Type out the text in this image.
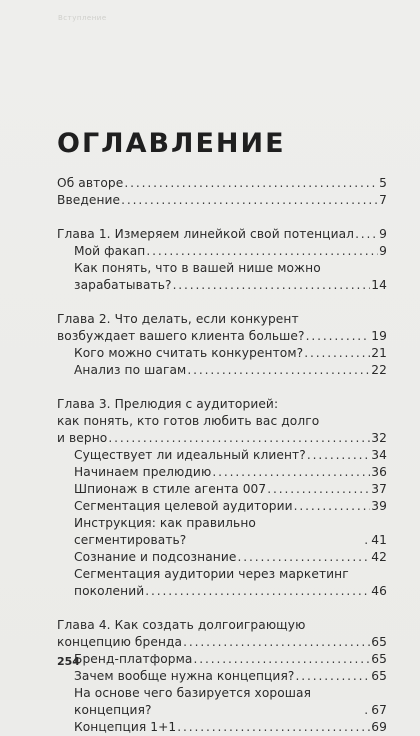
Вступление
ОГЛАВЛЕНИЕ
Об авторе . . .	5
Введение . . .	7
Глава 1. Измеряем линейкой свой потенциал . . . 9
Мой факап . . .	9
Как понять, что в вашей нише можно
зарабатывать? . . .	14
Глава 2. Что делать, если конкурент
возбуждает вашего клиента больше? . . .	19
Кого можно считать конкурентом? . . .	21
Анализ по шагам . . .	22
Глава 3. Прелюдия с аудиторией:
как понять, кто готов любить вас долго
и верно . . .	32
Существует ли идеальный клиент? . . .	34
Начинаем прелюдию . . .	36
Шпионаж в стиле агента 007 . . .	37
Сегментация целевой аудитории . . .	39
Инструкция: как правильно сегментировать? . . .	41
Сознание и подсознание . . .	42
Сегментация аудитории через маркетинг
поколений . . .	46
Глава 4. Как создать долгоиграющую
концепцию бренда . . .	65
Бренд-платформа . . .	65
Зачем вообще нужна концепция? . . .	65
На основе чего базируется хорошая концепция? . . .	67
Концепция 1+1 . . .	69
254
